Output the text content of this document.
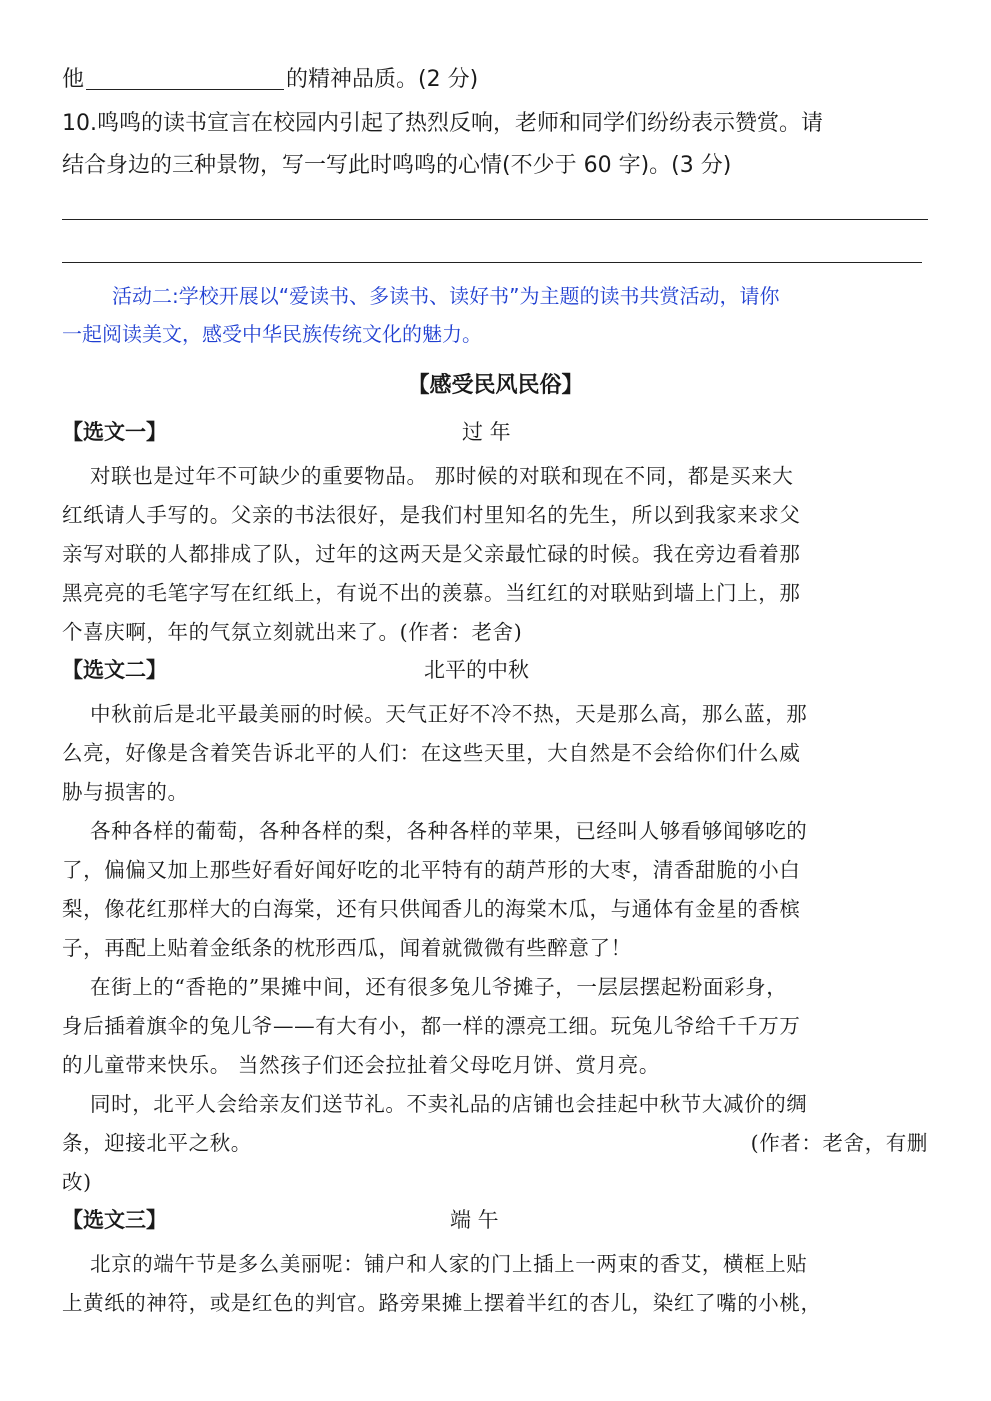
他	的精神品质。(2 分)
10.鸣鸣的读书宣言在校园内引起了热烈反响，老师和同学们纷纷表示赞赏。请
结合身边的三种景物，写一写此时鸣鸣的心情(不少于 60 字)。(3 分)
活动二:学校开展以“爱读书、多读书、读好书”为主题的读书共赏活动，请你
一起阅读美文，感受中华民族传统文化的魅力。
【感受民风民俗】
【选文一】	过 年
对联也是过年不可缺少的重要物品。 那时候的对联和现在不同，都是买来大
红纸请人手写的。父亲的书法很好，是我们村里知名的先生，所以到我家来求父
亲写对联的人都排成了队，过年的这两天是父亲最忙碌的时候。我在旁边看着那
黑亮亮的毛笔字写在红纸上，有说不出的羡慕。当红红的对联贴到墙上门上，那
个喜庆啊，年的气氛立刻就出来了。(作者：老舍)
【选文二】	北平的中秋
中秋前后是北平最美丽的时候。天气正好不冷不热，天是那么高，那么蓝，那
么亮，好像是含着笑告诉北平的人们：在这些天里，大自然是不会给你们什么威
胁与损害的。
各种各样的葡萄，各种各样的梨，各种各样的苹果，已经叫人够看够闻够吃的
了，偏偏又加上那些好看好闻好吃的北平特有的葫芦形的大枣，清香甜脆的小白
梨，像花红那样大的白海棠，还有只供闻香儿的海棠木瓜，与通体有金星的香槟
子，再配上贴着金纸条的枕形西瓜，闻着就微微有些醉意了！
在街上的“香艳的”果摊中间，还有很多兔儿爷摊子，一层层摆起粉面彩身，
身后插着旗伞的兔儿爷——有大有小，都一样的漂亮工细。玩兔儿爷给千千万万
的儿童带来快乐。 当然孩子们还会拉扯着父母吃月饼、赏月亮。
同时，北平人会给亲友们送节礼。不卖礼品的店铺也会挂起中秋节大减价的绸
条，迎接北平之秋。	(作者：老舍，有删
改)
【选文三】	端 午
北京的端午节是多么美丽呢：铺户和人家的门上插上一两束的香艾，横框上贴
上黄纸的神符，或是红色的判官。路旁果摊上摆着半红的杏儿，染红了嘴的小桃，
